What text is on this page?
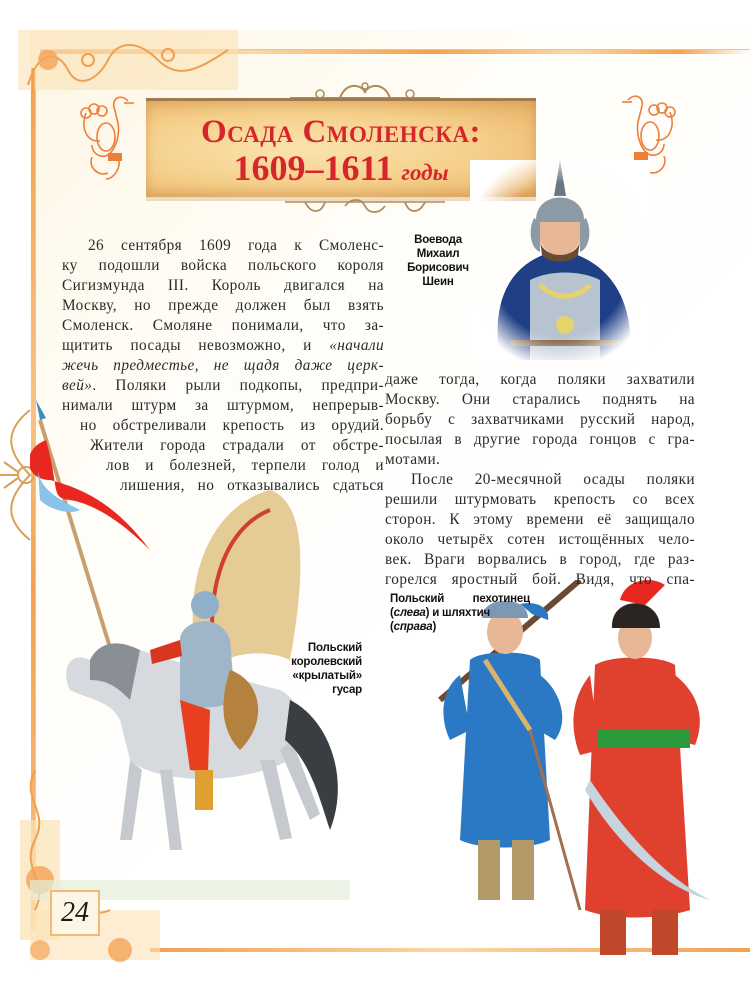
Осада Смоленска:
1609–1611 годы
Воевода
Михаил
Борисович
Шеин
Польский
королевский
«крылатый»
гусар
Польский пехотинец
(слева) и шляхтич
(справа)
26 сентября 1609 года к Смоленс-
ку подошли войска польского короля
Сигизмунда III. Король двигался на
Москву, но прежде должен был взять
Смоленск. Смоляне понимали, что за-
щитить посады невозможно, и «начали
жечь предместье, не щадя даже церк-
вей». Поляки рыли подкопы, предпри-
нимали штурм за штурмом, непрерыв-
но обстреливали крепость из орудий.
Жители города страдали от обстре-
лов и болезней, терпели голод и
лишения, но отказывались сдаться
даже тогда, когда поляки захватили
Москву. Они старались поднять на
борьбу с захватчиками русский народ,
посылая в другие города гонцов с гра-
мотами.
После 20-месячной осады поляки
решили штурмовать крепость со всех
сторон. К этому времени её защищало
около четырёх сотен истощённых чело-
век. Враги ворвались в город, где раз-
горелся яростный бой. Видя, что спа-
24
